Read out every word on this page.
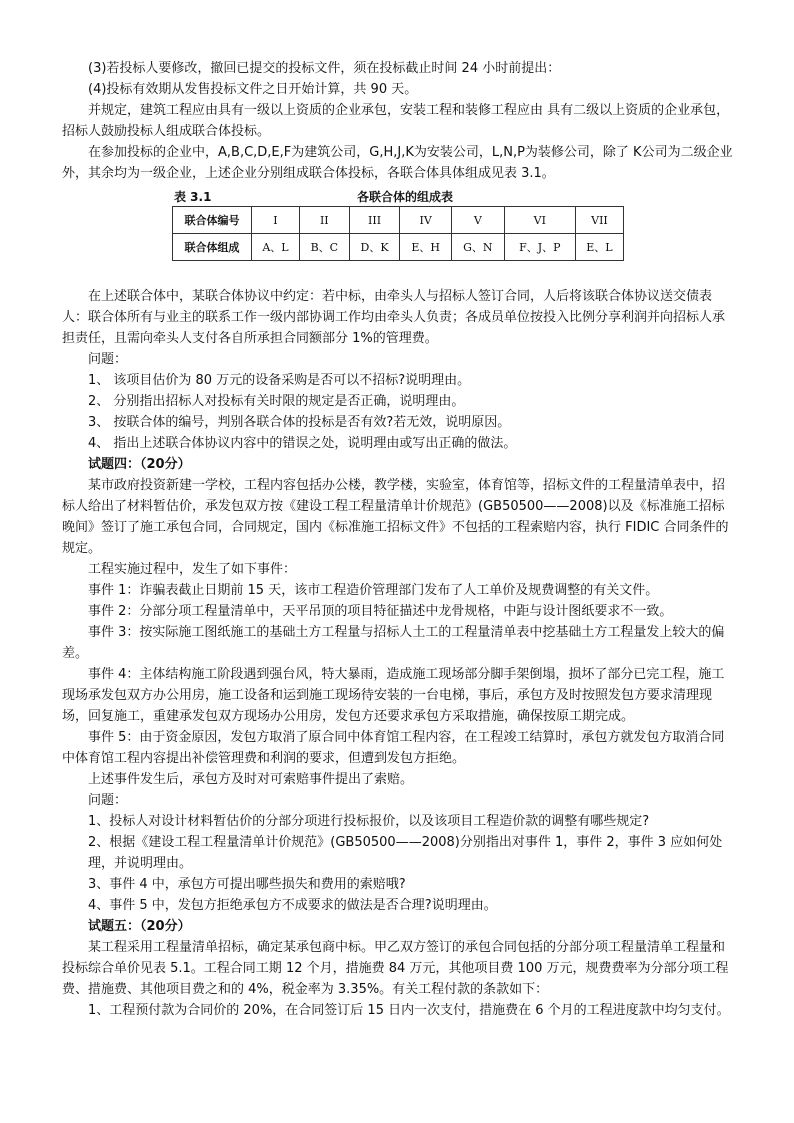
(3)若投标人要修改，撤回已提交的投标文件，须在投标截止时间 24 小时前提出：

(4)投标有效期从发售投标文件之日开始计算，共 90 天。

并规定，建筑工程应由具有一级以上资质的企业承包，安装工程和装修工程应由 具有二级以上资质的企业承包，招标人鼓励投标人组成联合体投标。

在参加投标的企业中，A,B,C,D,E,F为建筑公司，G,H,J,K为安装公司，L,N,P为装修公司，除了 K公司为二级企业外，其余均为一级企业，上述企业分别组成联合体投标，各联合体具体组成见表 3.1。

表 3.1	各联合体的组成表
联合体编号	I	II	III	IV	V	VI	VII
联合体组成	A、L	B、C	D、K	E、H	G、N	F、J、P	E、L

在上述联合体中，某联合体协议中约定：若中标，由牵头人与招标人签订合同，人后将该联合体协议送交债表人：联合体所有与业主的联系工作一级内部协调工作均由牵头人负责；各成员单位按投入比例分享利润并向招标人承担责任，且需向牵头人支付各自所承担合同额部分 1%的管理费。

问题：

1、 该项目估价为 80 万元的设备采购是否可以不招标?说明理由。

2、 分别指出招标人对投标有关时限的规定是否正确，说明理由。

3、 按联合体的编号，判别各联合体的投标是否有效?若无效，说明原因。

4、 指出上述联合体协议内容中的错误之处，说明理由或写出正确的做法。

试题四：（20分）

某市政府投资新建一学校，工程内容包括办公楼，教学楼，实验室，体育馆等，招标文件的工程量清单表中，招标人给出了材料暂估价，承发包双方按《建设工程工程量清单计价规范》(GB50500——2008)以及《标准施工招标晚间》签订了施工承包合同，合同规定，国内《标准施工招标文件》不包括的工程索赔内容，执行 FIDIC 合同条件的规定。

工程实施过程中，发生了如下事件：

事件 1：诈骗表截止日期前 15 天，该市工程造价管理部门发布了人工单价及规费调整的有关文件。

事件 2：分部分项工程量清单中，天平吊顶的项目特征描述中龙骨规格，中距与设计图纸要求不一致。

事件 3：按实际施工图纸施工的基础土方工程量与招标人土工的工程量清单表中挖基础土方工程量发上较大的偏差。

事件 4：主体结构施工阶段遇到强台风，特大暴雨，造成施工现场部分脚手架倒塌，损坏了部分已完工程，施工现场承发包双方办公用房，施工设备和运到施工现场待安装的一台电梯，事后，承包方及时按照发包方要求清理现场，回复施工，重建承发包双方现场办公用房，发包方还要求承包方采取措施，确保按原工期完成。

事件 5：由于资金原因，发包方取消了原合同中体育馆工程内容，在工程竣工结算时，承包方就发包方取消合同中体育馆工程内容提出补偿管理费和利润的要求，但遭到发包方拒绝。

上述事件发生后，承包方及时对可索赔事件提出了索赔。

问题：

1、投标人对设计材料暂估价的分部分项进行投标报价，以及该项目工程造价款的调整有哪些规定?

2、根据《建设工程工程量清单计价规范》(GB50500——2008)分别指出对事件 1，事件 2，事件 3 应如何处理，并说明理由。

3、事件 4 中，承包方可提出哪些损失和费用的索赔哦?

4、事件 5 中，发包方拒绝承包方不成要求的做法是否合理?说明理由。

试题五：（20分）

某工程采用工程量清单招标，确定某承包商中标。甲乙双方签订的承包合同包括的分部分项工程量清单工程量和投标综合单价见表 5.1。工程合同工期 12 个月，措施费 84 万元，其他项目费 100 万元，规费费率为分部分项工程费、措施费、其他项目费之和的 4%，税金率为 3.35%。有关工程付款的条款如下：

1、工程预付款为合同价的 20%，在合同签订后 15 日内一次支付，措施费在 6 个月的工程进度款中均匀支付。
